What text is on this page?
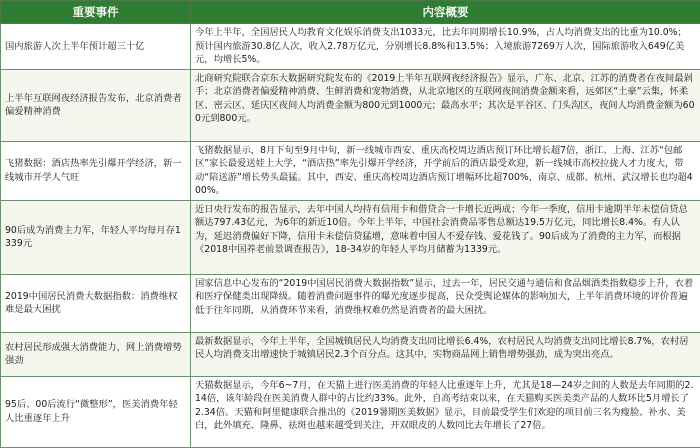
重要事件	内容概要
国内旅游人次上半年预计超三十亿	今年上半年，全国居民人均教育文化娱乐消费支出1033元，比去年同期增长10.9%，占人均消费支出的比重为10.0%；预计国内旅游30.8亿人次，收入2.78万亿元，分别增长8.8%和13.5%；入境旅游7269万人次，国际旅游收入649亿美元，均增长5%。
上半年互联网夜经济报告发布，北京消费者偏爱精神消费	北商研究院联合京东大数据研究院发布的《2019上半年互联网夜经济报告》显示，广东、北京、江苏的消费者在夜间最剁手；北京消费者偏爱精神消费、生鲜消费和宠物消费，从北京地区的互联网夜间消费金额来看，远郊区“土豪”云集，怀柔区、密云区、延庆区夜间人均消费金额为800元到1000元；最高水平；其次是平谷区、门头沟区，夜间人均消费金额为600元到800元。
飞猪数据：酒店热率先引爆开学经济，新一线城市开学人气旺	飞猪数据显示，8月下旬至9月中旬，新一线城市西安、重庆高校周边酒店预订环比增长超7倍，浙江、上海、江苏“包邮区”家长最爱送娃上大学，“酒店热”率先引爆开学经济，开学前后的酒店最受欢迎，新一线城市高校拉拢人才力度大，带动“陪送游”增长势头最猛。其中，西安、重庆高校周边酒店预订增幅环比超700%，南京、成都、杭州、武汉增长也均超400%。
90后成为消费主力军，年轻人平均每月存1339元	近日央行发布的报告显示，去年中国人均持有信用卡和借贷合一卡增长近两成；今年一季度，信用卡逾期半年未偿信贷总额达797.43亿元，为6年的新近10倍。今年上半年，中国社会消费品零售总额达19.5万亿元，同比增长8.4%。有人认为，延迟消费偏好下降，信用卡未偿信贷猛增，意味着中国人不爱存钱、爱花钱了。90后成为了消费的主力军，而根据《2018中国养老前景调查报告》，18-34岁的年轻人平均月储蓄为1339元。
2019中国居民消费大数据指数：消费维权难是最大困扰	国家信息中心发布的“2019中国居民消费大数据指数”显示，过去一年，居民交通与通信和食品烟酒类指数稳步上升，衣着和医疗保健类出现降级。随着消费问题事件的曝光度逐步提高，民众受舆论媒体的影响加大，上半年消费环境的评价普遍低于往年同期，从消费环节来看，消费维权难仍然是消费者的最大困扰。
农村居民形成强大消费能力，网上消费增势强劲	最新数据显示，今年上半年，全国城镇居民人均消费支出同比增长6.4%，农村居民人均消费支出同比增长8.7%，农村居民人均消费支出增速快于城镇居民2.3个百分点。这其中，实物商品网上销售增势强劲，成为突出亮点。
95后、00后流行“微整形”，医美消费年轻人比重逐年上升	天猫数据显示，今年6~7月，在天猫上进行医美消费的年轻人比重逐年上升，尤其是18—24岁之间的人数是去年同期的2.14倍，该年龄段在医美消费人群中的占比约33%。此外，自高考结束以来，在天猫购买医美类产品的人数环比5月增长了2.34倍。天猫和阿里健康联合推出的《2019暑期医美数据》显示，目前最受学生们欢迎的项目前三名为瘦脸、补水、美白，此外填充、隆鼻、祛斑也越来越受到关注，开双眼皮的人数同比去年增长了27倍。
